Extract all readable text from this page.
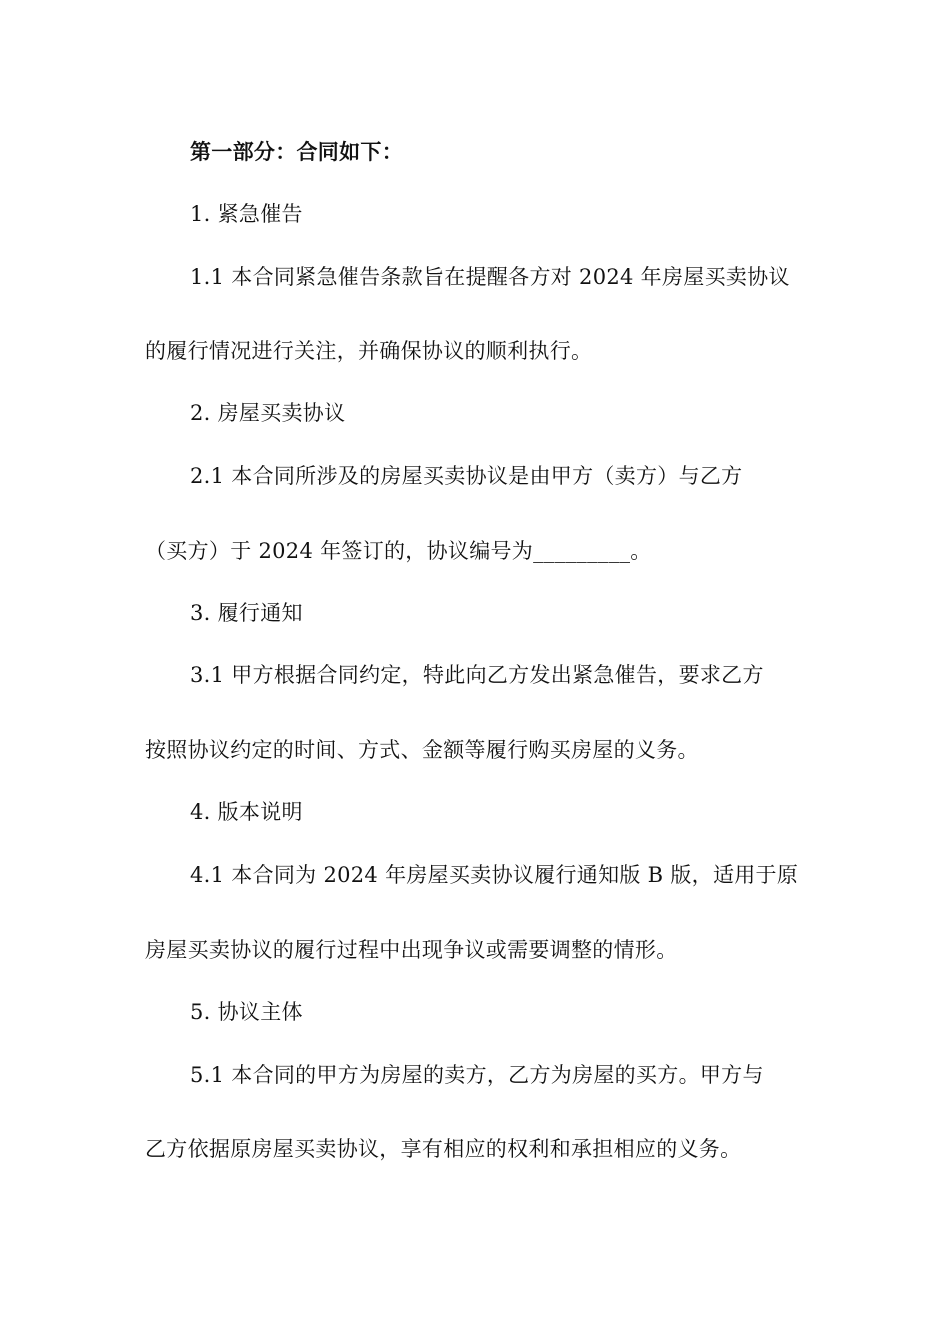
第一部分：合同如下：
1. 紧急催告
1.1 本合同紧急催告条款旨在提醒各方对 2024 年房屋买卖协议
的履行情况进行关注，并确保协议的顺利执行。
2. 房屋买卖协议
2.1 本合同所涉及的房屋买卖协议是由甲方（卖方）与乙方
（买方）于 2024 年签订的，协议编号为_________。
3. 履行通知
3.1 甲方根据合同约定，特此向乙方发出紧急催告，要求乙方
按照协议约定的时间、方式、金额等履行购买房屋的义务。
4. 版本说明
4.1 本合同为 2024 年房屋买卖协议履行通知版 B 版，适用于原
房屋买卖协议的履行过程中出现争议或需要调整的情形。
5. 协议主体
5.1 本合同的甲方为房屋的卖方，乙方为房屋的买方。甲方与
乙方依据原房屋买卖协议，享有相应的权利和承担相应的义务。
